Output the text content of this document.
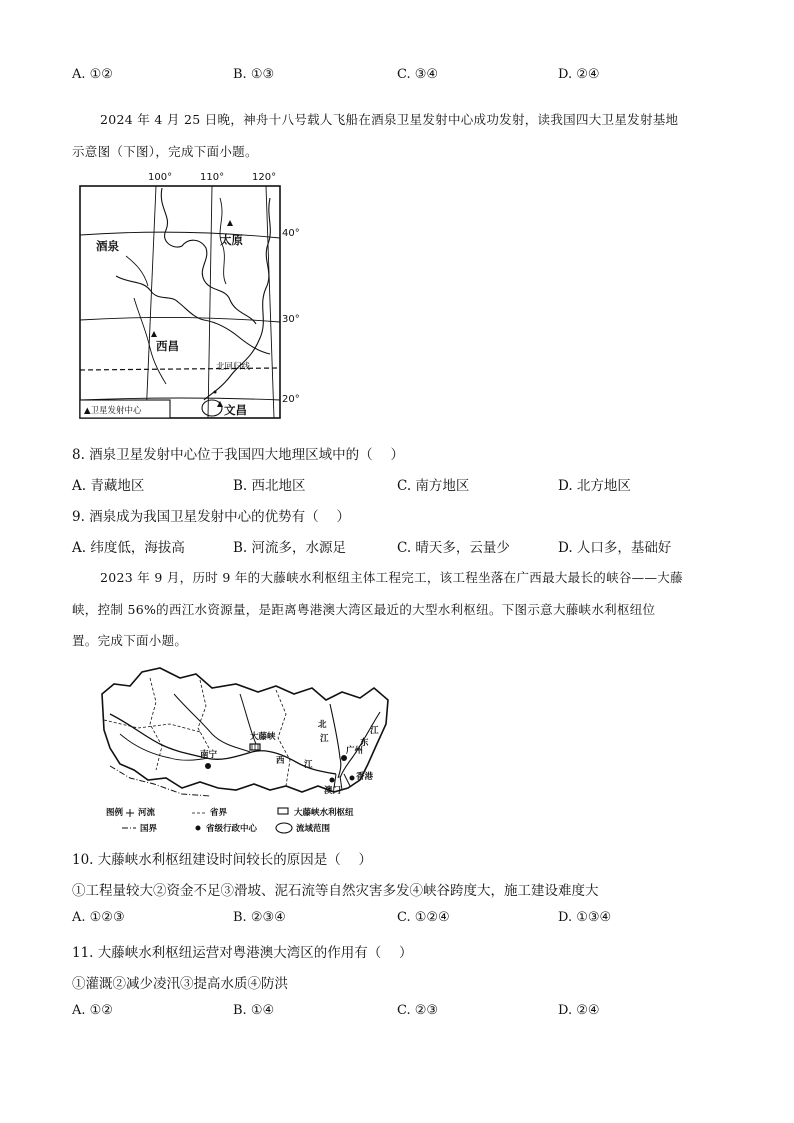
A. ①②	B. ①③	C. ③④	D. ②④
2024 年 4 月 25 日晚，神舟十八号载人飞船在酒泉卫星发射中心成功发射，读我国四大卫星发射基地
示意图（下图），完成下面小题。
100°	110°	120°
40°
30°
20°
酒泉	太原
西昌
文昌
北回归线
▲卫星发射中心
8. 酒泉卫星发射中心位于我国四大地理区域中的（　 ）
A. 青藏地区	B. 西北地区	C. 南方地区	D. 北方地区
9. 酒泉成为我国卫星发射中心的优势有（　 ）
A. 纬度低，海拔高	B. 河流多，水源足	C. 晴天多，云量少	D. 人口多，基础好
2023 年 9 月，历时 9 年的大藤峡水利枢纽主体工程完工，该工程坐落在广西最大最长的峡谷——大藤
峡，控制 56%的西江水资源量，是距离粤港澳大湾区最近的大型水利枢纽。下图示意大藤峡水利枢纽位
置。完成下面小题。
大藤峡
南宁
西 江
北
江	东
江
广州
澳门
香港
图例 河流	省界	大藤峡水利枢纽
国界	省级行政中心	流域范围
10. 大藤峡水利枢纽建设时间较长的原因是（　 ）
①工程量较大②资金不足③滑坡、泥石流等自然灾害多发④峡谷跨度大，施工建设难度大
A. ①②③	B. ②③④	C. ①②④	D. ①③④
11. 大藤峡水利枢纽运营对粤港澳大湾区的作用有（　 ）
①灌溉②减少凌汛③提高水质④防洪
A. ①②	B. ①④	C. ②③	D. ②④
